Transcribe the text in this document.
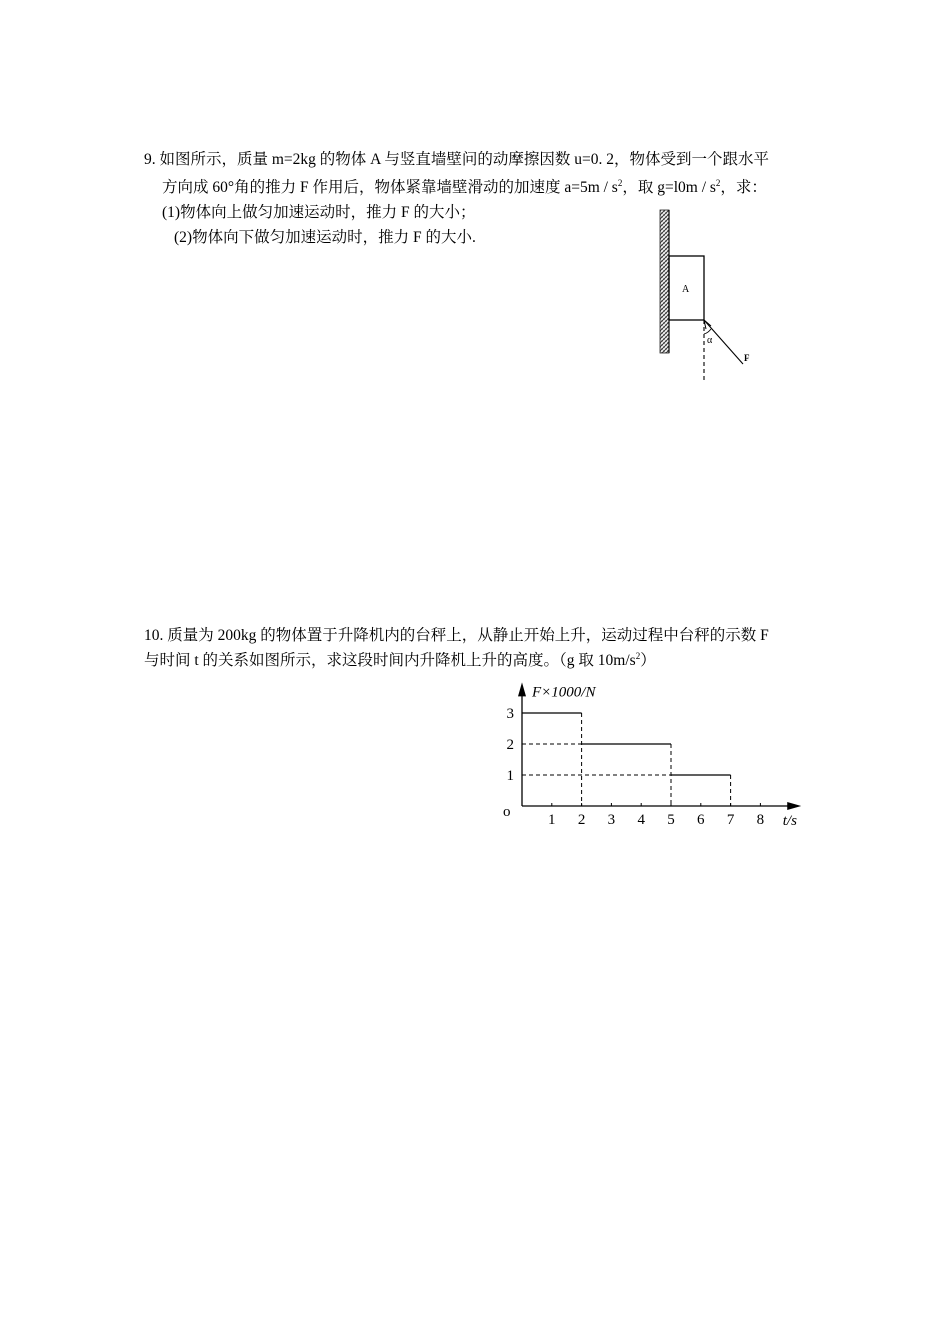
9. 如图所示，质量 m=2kg 的物体 A 与竖直墙壁问的动摩擦因数 u=0. 2，物体受到一个跟水平
方向成 60°角的推力 F 作用后，物体紧靠墙壁滑动的加速度 $a=5m / s^2$，取 $g=l0m / s^2$，求：
(1)物体向上做匀加速运动时，推力 F 的大小；
(2)物体向下做匀加速运动时，推力 F 的大小.
A
α
F
10. 质量为 200kg 的物体置于升降机内的台秤上，从静止开始上升，运动过程中台秤的示数 F
与时间 t 的关系如图所示，求这段时间内升降机上升的高度。（g 取 $10m/s^2$）
F×1000/N
t/s
o	1 2 3 4 5 6 7 8
1
2
3
